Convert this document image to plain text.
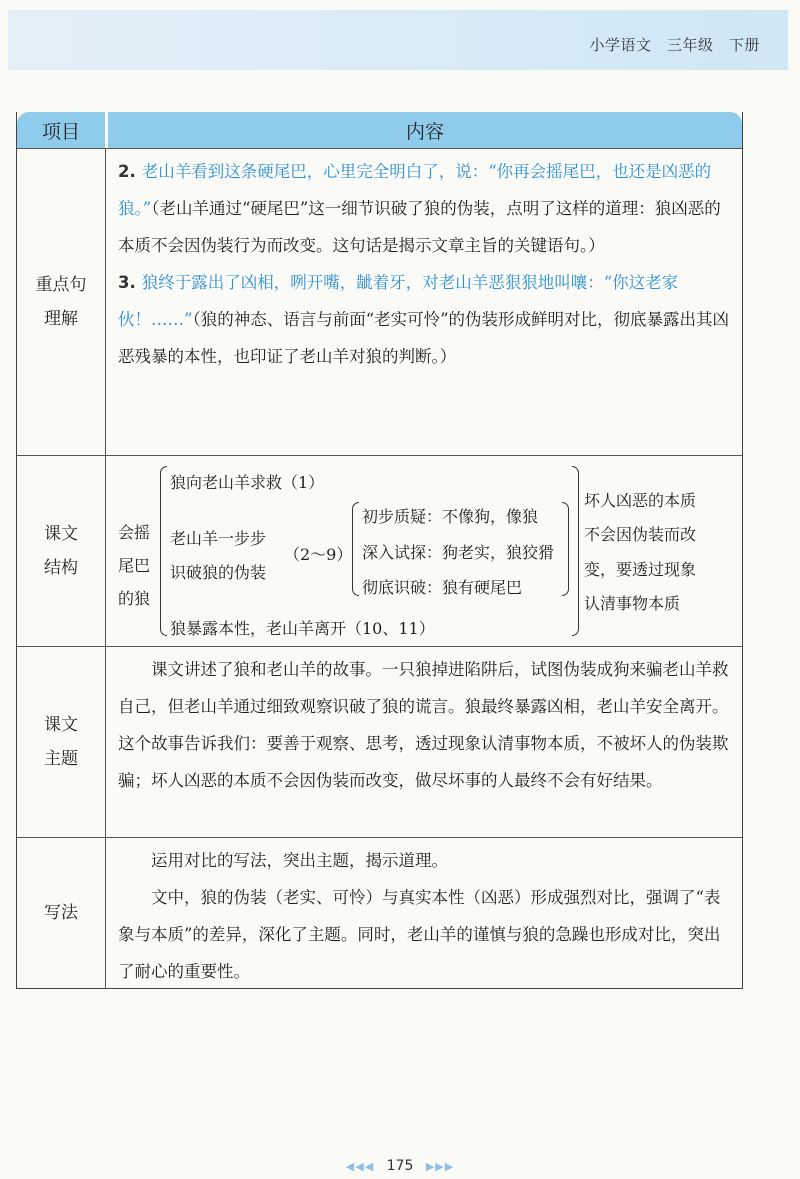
小学语文　三年级　下册
项目	内容
重点句理解

2. 老山羊看到这条硬尾巴，心里完全明白了，说：“你再会摇尾巴，也还是凶恶的狼。”（老山羊通过“硬尾巴”这一细节识破了狼的伪装，点明了这样的道理：狼凶恶的本质不会因伪装行为而改变。这句话是揭示文章主旨的关键语句。）

3. 狼终于露出了凶相，咧开嘴，龇着牙，对老山羊恶狠狠地叫嚷：“你这老家伙！……”（狼的神态、语言与前面“老实可怜”的伪装形成鲜明对比，彻底暴露出其凶恶残暴的本性，也印证了老山羊对狼的判断。）

课文结构
会摇
尾巴
的狼
狼向老山羊求救（1）
老山羊一步步
识破狼的伪装
（2～9）
狼暴露本性，老山羊离开（10、11）
初步质疑：不像狗，像狼
深入试探：狗老实，狼狡猾
彻底识破：狼有硬尾巴
坏人凶恶的本质
不会因伪装而改
变，要透过现象
认清事物本质
课文主题

课文讲述了狼和老山羊的故事。一只狼掉进陷阱后，试图伪装成狗来骗老山羊救自己，但老山羊通过细致观察识破了狼的谎言。狼最终暴露凶相，老山羊安全离开。这个故事告诉我们：要善于观察、思考，透过现象认清事物本质，不被坏人的伪装欺骗；坏人凶恶的本质不会因伪装而改变，做尽坏事的人最终不会有好结果。

写法

运用对比的写法，突出主题，揭示道理。

文中，狼的伪装（老实、可怜）与真实本性（凶恶）形成强烈对比，强调了“表象与本质”的差异，深化了主题。同时，老山羊的谨慎与狼的急躁也形成对比，突出了耐心的重要性。

◀◀◀ 175 ▶▶▶
